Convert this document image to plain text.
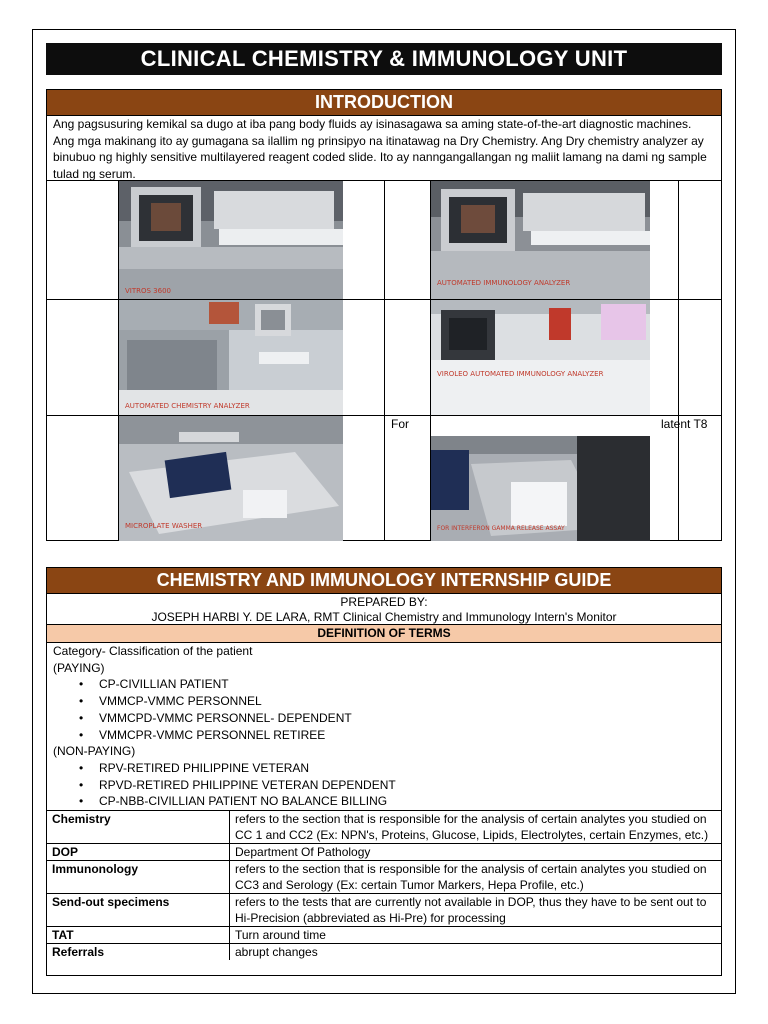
CLINICAL CHEMISTRY & IMMUNOLOGY UNIT
INTRODUCTION
Ang pagsusuring kemikal sa dugo at iba pang body fluids ay isinasagawa sa aming state-of-the-art diagnostic machines. Ang mga makinang ito ay gumagana sa ilallim ng prinsipyo na itinatawag na Dry Chemistry. Ang Dry chemistry analyzer ay binubuo ng highly sensitive multilayered reagent coded slide. Ito ay nanngangallangan ng maliit lamang na dami ng sample tulad ng serum.
VITROS 3600
AUTOMATED IMMUNOLOGY ANALYZER
AUTOMATED CHEMISTRY ANALYZER
VIROLEO AUTOMATED IMMUNOLOGY ANALYZER
MICROPLATE WASHER	FOR INTERFERON GAMMA RELEASE ASSAY
For	latent T8
CHEMISTRY AND IMMUNOLOGY INTERNSHIP GUIDE
PREPARED BY:
JOSEPH HARBI Y. DE LARA, RMT Clinical Chemistry and Immunology Intern's Monitor
DEFINITION OF TERMS
Category- Classification of the patient
(PAYING)
• CP-CIVILLIAN PATIENT
• VMMCP-VMMC PERSONNEL
• VMMCPD-VMMC PERSONNEL- DEPENDENT
• VMMCPR-VMMC PERSONNEL RETIREE
(NON-PAYING)
• RPV-RETIRED PHILIPPINE VETERAN
• RPVD-RETIRED PHILIPPINE VETERAN DEPENDENT
• CP-NBB-CIVILLIAN PATIENT NO BALANCE BILLING
Chemistry	refers to the section that is responsible for the analysis of certain analytes you studied on CC 1 and CC2 (Ex: NPN's, Proteins, Glucose, Lipids, Electrolytes, certain Enzymes, etc.)
DOP	Department Of Pathology
Immunonology	refers to the section that is responsible for the analysis of certain analytes you studied on CC3 and Serology (Ex: certain Tumor Markers, Hepa Profile, etc.)
Send-out specimens	refers to the tests that are currently not available in DOP, thus they have to be sent out to Hi-Precision (abbreviated as Hi-Pre) for processing
TAT	Turn around time
Referrals	abrupt changes
